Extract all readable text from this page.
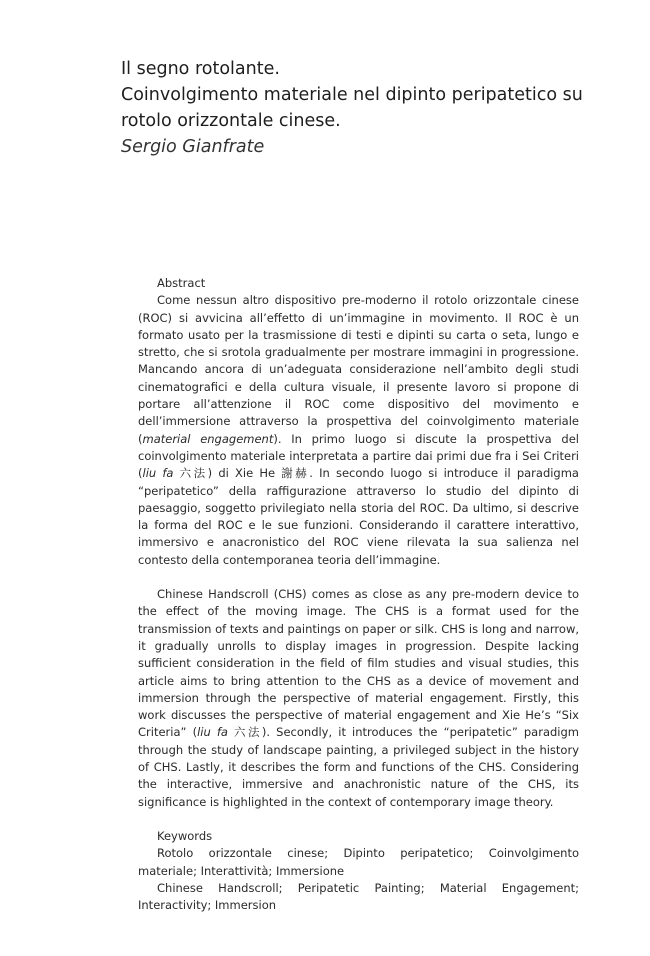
Il segno rotolante.
Coinvolgimento materiale nel dipinto peripatetico su
rotolo orizzontale cinese.
Sergio Gianfrate
Abstract

Come nessun altro dispositivo pre-moderno il rotolo orizzontale cinese (ROC) si avvicina all’effetto di un’immagine in movimento. Il ROC è un formato usato per la trasmissione di testi e dipinti su carta o seta, lungo e stretto, che si srotola gradualmente per mostrare immagini in progressione. Mancando ancora di un’adeguata considerazione nell’ambito degli studi cinematografici e della cultura visuale, il presente lavoro si propone di portare all’attenzione il ROC come dispositivo del movimento e dell’immersione attraverso la prospettiva del coinvolgimento materiale (material engagement). In primo luogo si discute la prospettiva del coinvolgimento materiale interpretata a partire dai primi due fra i Sei Criteri (liu fa 六法) di Xie He 謝赫. In secondo luogo si introduce il paradigma “peripatetico” della raffigurazione attraverso lo studio del dipinto di paesaggio, soggetto privilegiato nella storia del ROC. Da ultimo, si descrive la forma del ROC e le sue funzioni. Considerando il carattere interattivo, immersivo e anacronistico del ROC viene rilevata la sua salienza nel contesto della contemporanea teoria dell’immagine.

Chinese Handscroll (CHS) comes as close as any pre-modern device to the effect of the moving image. The CHS is a format used for the transmission of texts and paintings on paper or silk. CHS is long and narrow, it gradually unrolls to display images in progression. Despite lacking sufficient consideration in the field of film studies and visual studies, this article aims to bring attention to the CHS as a device of movement and immersion through the perspective of material engagement. Firstly, this work discusses the perspective of material engagement and Xie He’s “Six Criteria” (liu fa 六法). Secondly, it introduces the “peripatetic” paradigm through the study of landscape painting, a privileged subject in the history of CHS. Lastly, it describes the form and functions of the CHS. Considering the interactive, immersive and anachronistic nature of the CHS, its significance is highlighted in the context of contemporary image theory.

Keywords
Rotolo orizzontale cinese; Dipinto peripatetico; Coinvolgimento materiale; Interattività; Immersione
Chinese Handscroll; Peripatetic Painting; Material Engagement; Interactivity; Immersion
